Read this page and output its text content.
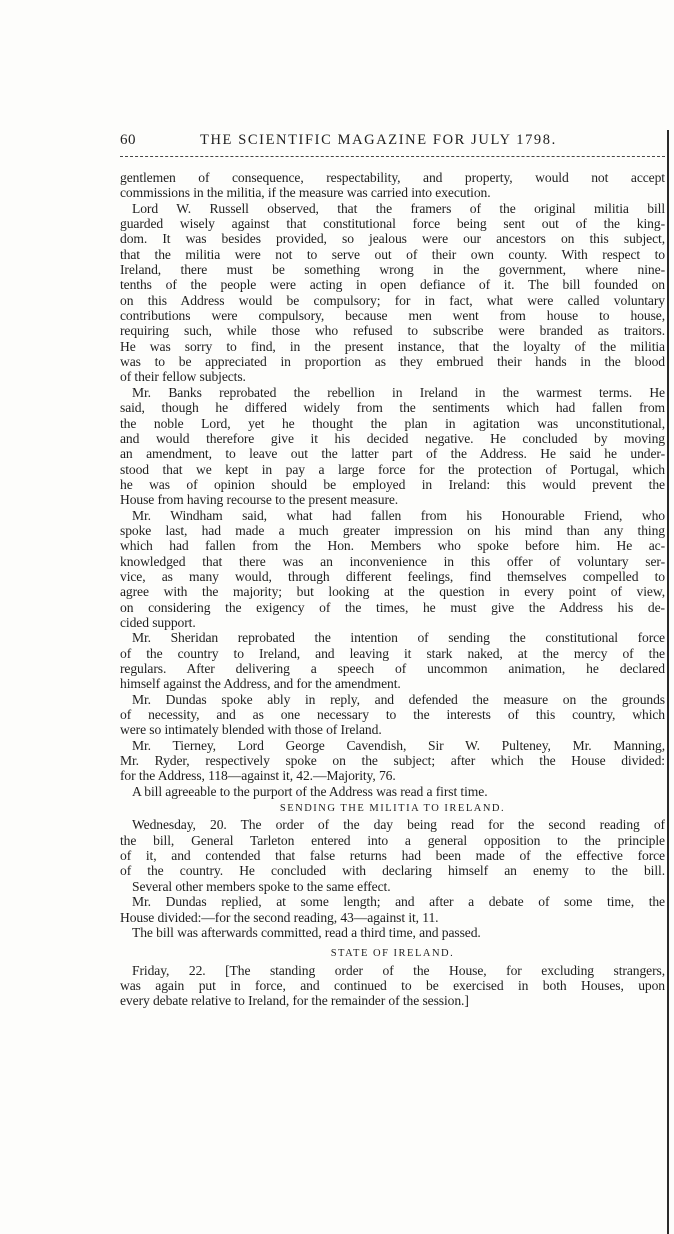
60	THE SCIENTIFIC MAGAZINE FOR JULY 1798.
gentlemen of consequence, respectability, and property, would not accept
commissions in the militia, if the measure was carried into execution.
Lord W. Russell observed, that the framers of the original militia bill
guarded wisely against that constitutional force being sent out of the king-
dom. It was besides provided, so jealous were our ancestors on this subject,
that the militia were not to serve out of their own county. With respect to
Ireland, there must be something wrong in the government, where nine-
tenths of the people were acting in open defiance of it. The bill founded on
on this Address would be compulsory; for in fact, what were called voluntary
contributions were compulsory, because men went from house to house,
requiring such, while those who refused to subscribe were branded as traitors.
He was sorry to find, in the present instance, that the loyalty of the militia
was to be appreciated in proportion as they embrued their hands in the blood
of their fellow subjects.
Mr. Banks reprobated the rebellion in Ireland in the warmest terms. He
said, though he differed widely from the sentiments which had fallen from
the noble Lord, yet he thought the plan in agitation was unconstitutional,
and would therefore give it his decided negative. He concluded by moving
an amendment, to leave out the latter part of the Address. He said he under-
stood that we kept in pay a large force for the protection of Portugal, which
he was of opinion should be employed in Ireland: this would prevent the
House from having recourse to the present measure.
Mr. Windham said, what had fallen from his Honourable Friend, who
spoke last, had made a much greater impression on his mind than any thing
which had fallen from the Hon. Members who spoke before him. He ac-
knowledged that there was an inconvenience in this offer of voluntary ser-
vice, as many would, through different feelings, find themselves compelled to
agree with the majority; but looking at the question in every point of view,
on considering the exigency of the times, he must give the Address his de-
cided support.
Mr. Sheridan reprobated the intention of sending the constitutional force
of the country to Ireland, and leaving it stark naked, at the mercy of the
regulars. After delivering a speech of uncommon animation, he declared
himself against the Address, and for the amendment.
Mr. Dundas spoke ably in reply, and defended the measure on the grounds
of necessity, and as one necessary to the interests of this country, which
were so intimately blended with those of Ireland.
Mr. Tierney, Lord George Cavendish, Sir W. Pulteney, Mr. Manning,
Mr. Ryder, respectively spoke on the subject; after which the House divided:
for the Address, 118—against it, 42.—Majority, 76.
A bill agreeable to the purport of the Address was read a first time.
SENDING THE MILITIA TO IRELAND.
Wednesday, 20. The order of the day being read for the second reading of
the bill, General Tarleton entered into a general opposition to the principle
of it, and contended that false returns had been made of the effective force
of the country. He concluded with declaring himself an enemy to the bill.
Several other members spoke to the same effect.
Mr. Dundas replied, at some length; and after a debate of some time, the
House divided:—for the second reading, 43—against it, 11.
The bill was afterwards committed, read a third time, and passed.
STATE OF IRELAND.
Friday, 22. [The standing order of the House, for excluding strangers,
was again put in force, and continued to be exercised in both Houses, upon
every debate relative to Ireland, for the remainder of the session.]
